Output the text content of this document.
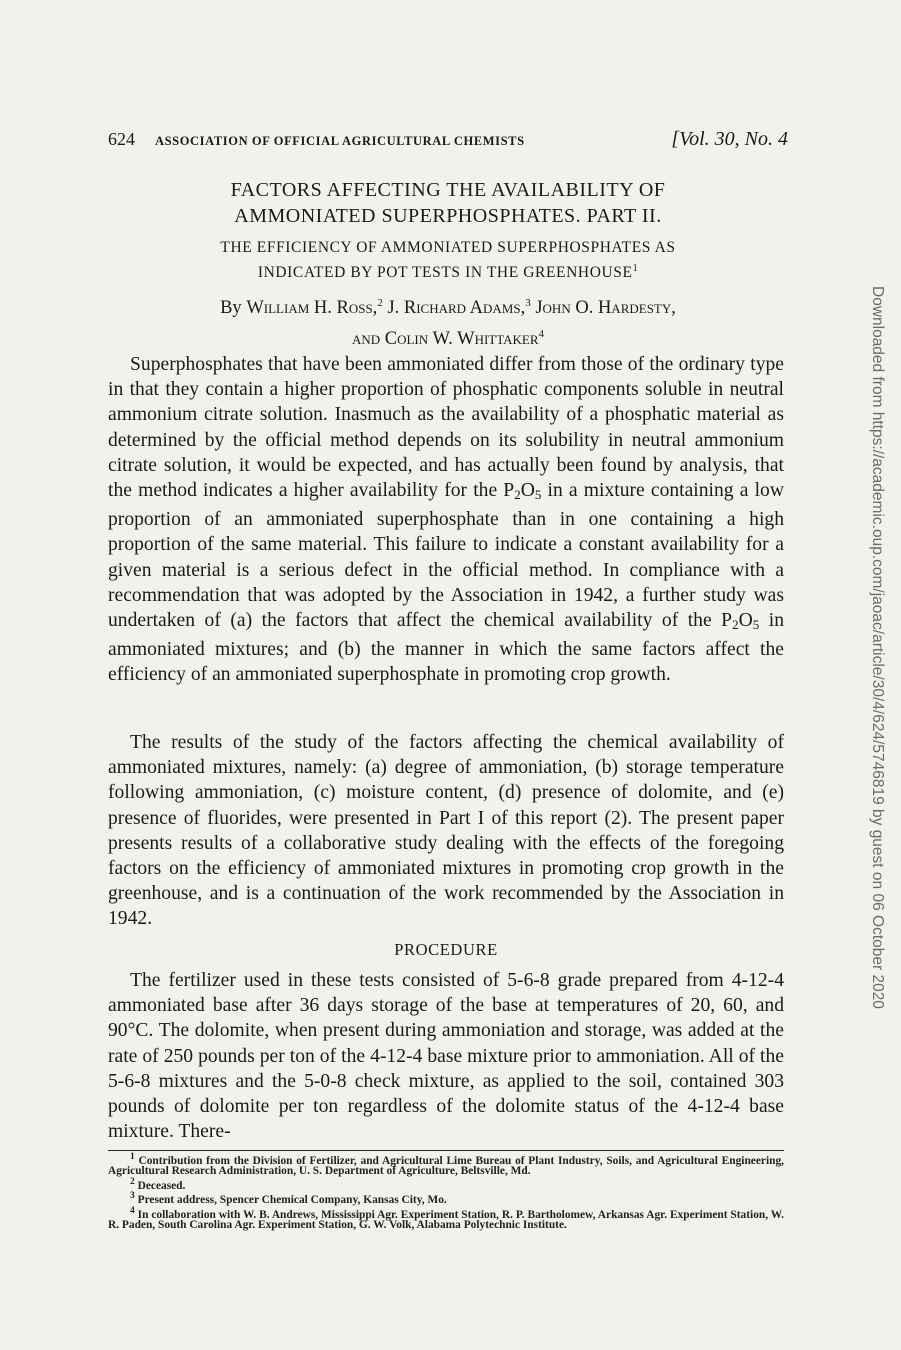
624 ASSOCIATION OF OFFICIAL AGRICULTURAL CHEMISTS	[Vol. 30, No. 4
FACTORS AFFECTING THE AVAILABILITY OF
AMMONIATED SUPERPHOSPHATES. PART II.
THE EFFICIENCY OF AMMONIATED SUPERPHOSPHATES AS
INDICATED BY POT TESTS IN THE GREENHOUSE$^1$
By William H. Ross,$^2$ J. Richard Adams,$^3$ John O. Hardesty,
and Colin W. Whittaker$^4$

Superphosphates that have been ammoniated differ from those of the ordinary type in that they contain a higher proportion of phosphatic components soluble in neutral ammonium citrate solution. Inasmuch as the availability of a phosphatic material as determined by the official method depends on its solubility in neutral ammonium citrate solution, it would be expected, and has actually been found by analysis, that the method indicates a higher availability for the $P_2O_5$ in a mixture containing a low proportion of an ammoniated superphosphate than in one containing a high proportion of the same material. This failure to indicate a constant availability for a given material is a serious defect in the official method. In compliance with a recommendation that was adopted by the Association in 1942, a further study was undertaken of (a) the factors that affect the chemical availability of the $P_2O_5$ in ammoniated mixtures; and (b) the manner in which the same factors affect the efficiency of an ammoniated superphosphate in promoting crop growth.

The results of the study of the factors affecting the chemical availability of ammoniated mixtures, namely: (a) degree of ammoniation, (b) storage temperature following ammoniation, (c) moisture content, (d) presence of dolomite, and (e) presence of fluorides, were presented in Part I of this report (2). The present paper presents results of a collaborative study dealing with the effects of the foregoing factors on the efficiency of ammoniated mixtures in promoting crop growth in the greenhouse, and is a continuation of the work recommended by the Association in 1942.

PROCEDURE

The fertilizer used in these tests consisted of 5-6-8 grade prepared from 4-12-4 ammoniated base after 36 days storage of the base at temperatures of 20, 60, and 90°C. The dolomite, when present during ammoniation and storage, was added at the rate of 250 pounds per ton of the 4-12-4 base mixture prior to ammoniation. All of the 5-6-8 mixtures and the 5-0-8 check mixture, as applied to the soil, contained 303 pounds of dolomite per ton regardless of the dolomite status of the 4-12-4 base mixture. There-

$^1$ Contribution from the Division of Fertilizer, and Agricultural Lime Bureau of Plant Industry, Soils, and Agricultural Engineering, Agricultural Research Administration, U. S. Department of Agriculture, Beltsville, Md.

$^2$ Deceased.

$^3$ Present address, Spencer Chemical Company, Kansas City, Mo.

$^4$ In collaboration with W. B. Andrews, Mississippi Agr. Experiment Station, R. P. Bartholomew, Arkansas Agr. Experiment Station, W. R. Paden, South Carolina Agr. Experiment Station, G. W. Volk, Alabama Polytechnic Institute.

Downloaded from https://academic.oup.com/jaoac/article/30/4/624/5746819 by guest on 06 October 2020
